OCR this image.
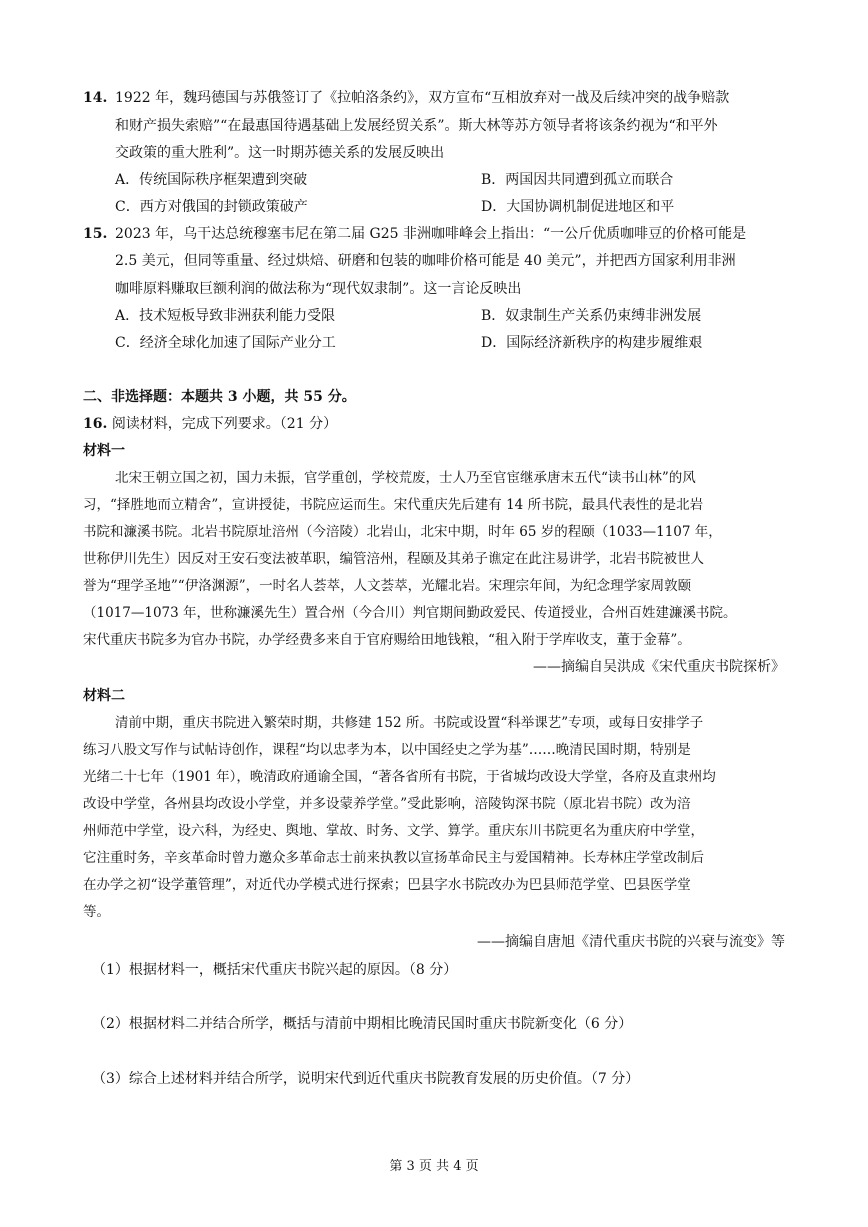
14. 1922 年，魏玛德国与苏俄签订了《拉帕洛条约》，双方宣布“互相放弃对一战及后续冲突的战争赔款
和财产损失索赔”“在最惠国待遇基础上发展经贸关系”。斯大林等苏方领导者将该条约视为“和平外
交政策的重大胜利”。这一时期苏德关系的发展反映出
A．传统国际秩序框架遭到突破	B．两国因共同遭到孤立而联合
C．西方对俄国的封锁政策破产	D．大国协调机制促进地区和平
15. 2023 年，乌干达总统穆塞韦尼在第二届 G25 非洲咖啡峰会上指出：“一公斤优质咖啡豆的价格可能是
2.5 美元，但同等重量、经过烘焙、研磨和包装的咖啡价格可能是 40 美元”，并把西方国家利用非洲
咖啡原料赚取巨额利润的做法称为“现代奴隶制”。这一言论反映出
A．技术短板导致非洲获利能力受限	B．奴隶制生产关系仍束缚非洲发展
C．经济全球化加速了国际产业分工	D．国际经济新秩序的构建步履维艰
二、非选择题：本题共 3 小题，共 55 分。
16. 阅读材料，完成下列要求。（21 分）
材料一
北宋王朝立国之初，国力未振，官学重创，学校荒废，士人乃至官宦继承唐末五代“读书山林”的风
习，“择胜地而立精舍”，宣讲授徒，书院应运而生。宋代重庆先后建有 14 所书院，最具代表性的是北岩
书院和濂溪书院。北岩书院原址涪州（今涪陵）北岩山，北宋中期，时年 65 岁的程颐（1033—1107 年，
世称伊川先生）因反对王安石变法被革职，编管涪州，程颐及其弟子谯定在此注易讲学，北岩书院被世人
誉为“理学圣地”“伊洛渊源”，一时名人荟萃，人文荟萃，光耀北岩。宋理宗年间，为纪念理学家周敦颐
（1017—1073 年，世称濂溪先生）置合州（今合川）判官期间勤政爱民、传道授业，合州百姓建濂溪书院。
宋代重庆书院多为官办书院，办学经费多来自于官府赐给田地钱粮，“租入附于学库收支，董于金幕”。
——摘编自吴洪成《宋代重庆书院探析》
材料二
清前中期，重庆书院进入繁荣时期，共修建 152 所。书院或设置“科举课艺”专项，或每日安排学子
练习八股文写作与试帖诗创作，课程“均以忠孝为本，以中国经史之学为基”……晚清民国时期，特别是
光绪二十七年（1901 年），晚清政府通谕全国，“著各省所有书院，于省城均改设大学堂，各府及直隶州均
改设中学堂，各州县均改设小学堂，并多设蒙养学堂。”受此影响，涪陵钩深书院（原北岩书院）改为涪
州师范中学堂，设六科，为经史、舆地、掌故、时务、文学、算学。重庆东川书院更名为重庆府中学堂，
它注重时务，辛亥革命时曾力邀众多革命志士前来执教以宣扬革命民主与爱国精神。长寿林庄学堂改制后
在办学之初“设学董管理”，对近代办学模式进行探索；巴县字水书院改办为巴县师范学堂、巴县医学堂
等。
——摘编自唐旭《清代重庆书院的兴衰与流变》等
（1）根据材料一，概括宋代重庆书院兴起的原因。（8 分）
（2）根据材料二并结合所学，概括与清前中期相比晚清民国时重庆书院新变化（6 分）
（3）综合上述材料并结合所学，说明宋代到近代重庆书院教育发展的历史价值。（7 分）
第 3 页 共 4 页
